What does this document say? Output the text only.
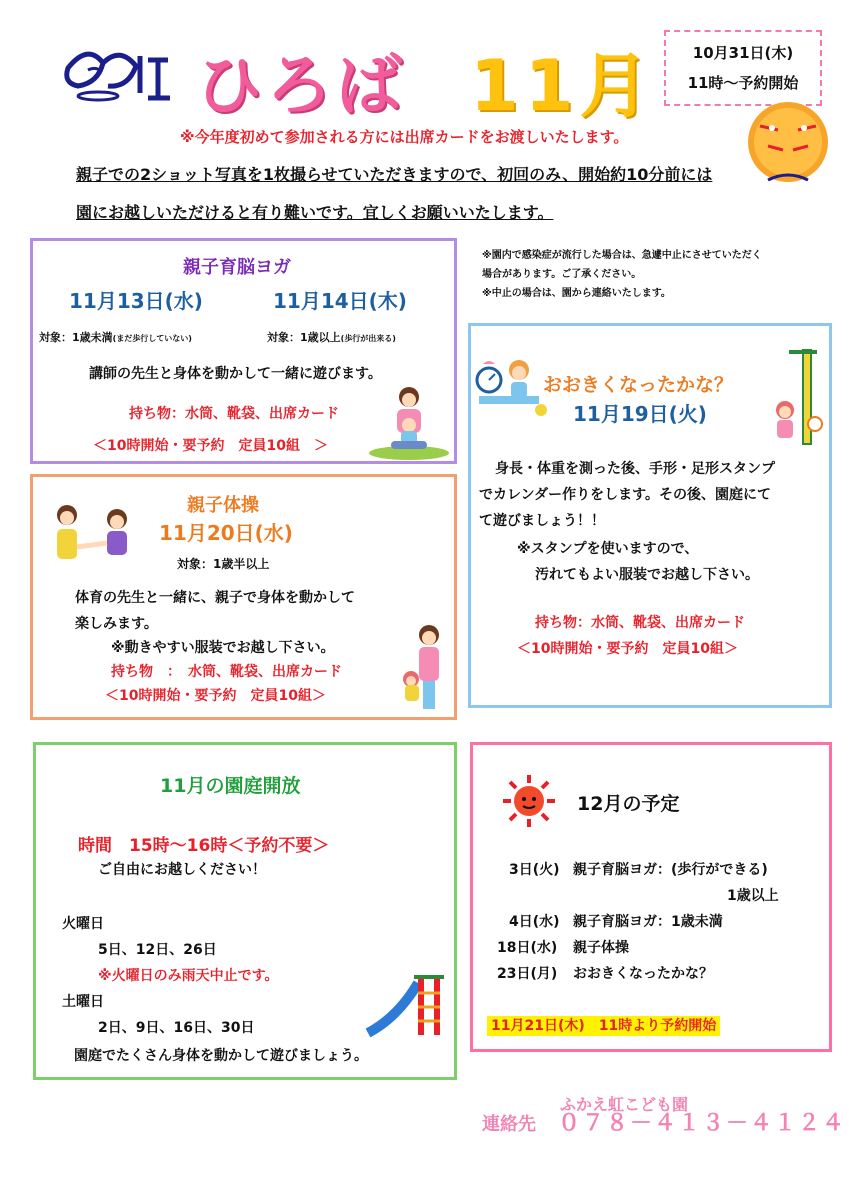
ひろば 11月	10月31日(木)
11時～予約開始
※今年度初めて参加される方には出席カードをお渡しいたします。
親子での2ショット写真を1枚撮らせていただきますので、初回のみ、開始約10分前には
園にお越しいただけると有り難いです。宜しくお願いいたします。
※園内で感染症が流行した場合は、急遽中止にさせていただく
場合があります。ご了承ください。
※中止の場合は、園から連絡いたします。
親子育脳ヨガ
11月13日(水)	11月14日(木)
対象：1歳未満(まだ歩行していない)	対象：1歳以上(歩行が出来る)
講師の先生と身体を動かして一緒に遊びます。
持ち物：水筒、靴袋、出席カード
＜10時開始・要予約　定員10組　＞
親子体操
11月20日(水)
対象：1歳半以上
体育の先生と一緒に、親子で身体を動かして
楽しみます。
※動きやすい服装でお越し下さい。
持ち物　：　水筒、靴袋、出席カード
＜10時開始・要予約　定員10組＞
おおきくなったかな？
11月19日(火)
身長・体重を測った後、手形・足形スタンプ
でカレンダー作りをします。その後、園庭にて
て遊びましょう！！
※スタンプを使いますので、
汚れてもよい服装でお越し下さい。
持ち物：水筒、靴袋、出席カード
＜10時開始・要予約　定員10組＞
11月の園庭開放
時間　15時～16時＜予約不要＞
ご自由にお越しください！
火曜日
5日、12日、26日
※火曜日のみ雨天中止です。
土曜日
2日、9日、16日、30日
園庭でたくさん身体を動かして遊びましょう。
12月の予定
3日(火) 親子育脳ヨガ：(歩行ができる)
1歳以上
4日(水) 親子育脳ヨガ：1歳未満
18日(水) 親子体操
23日(月) おおきくなったかな？
11月21日(木)　11時より予約開始
ふかえ虹こども園
連絡先 ０７８－４１３－４１２４
